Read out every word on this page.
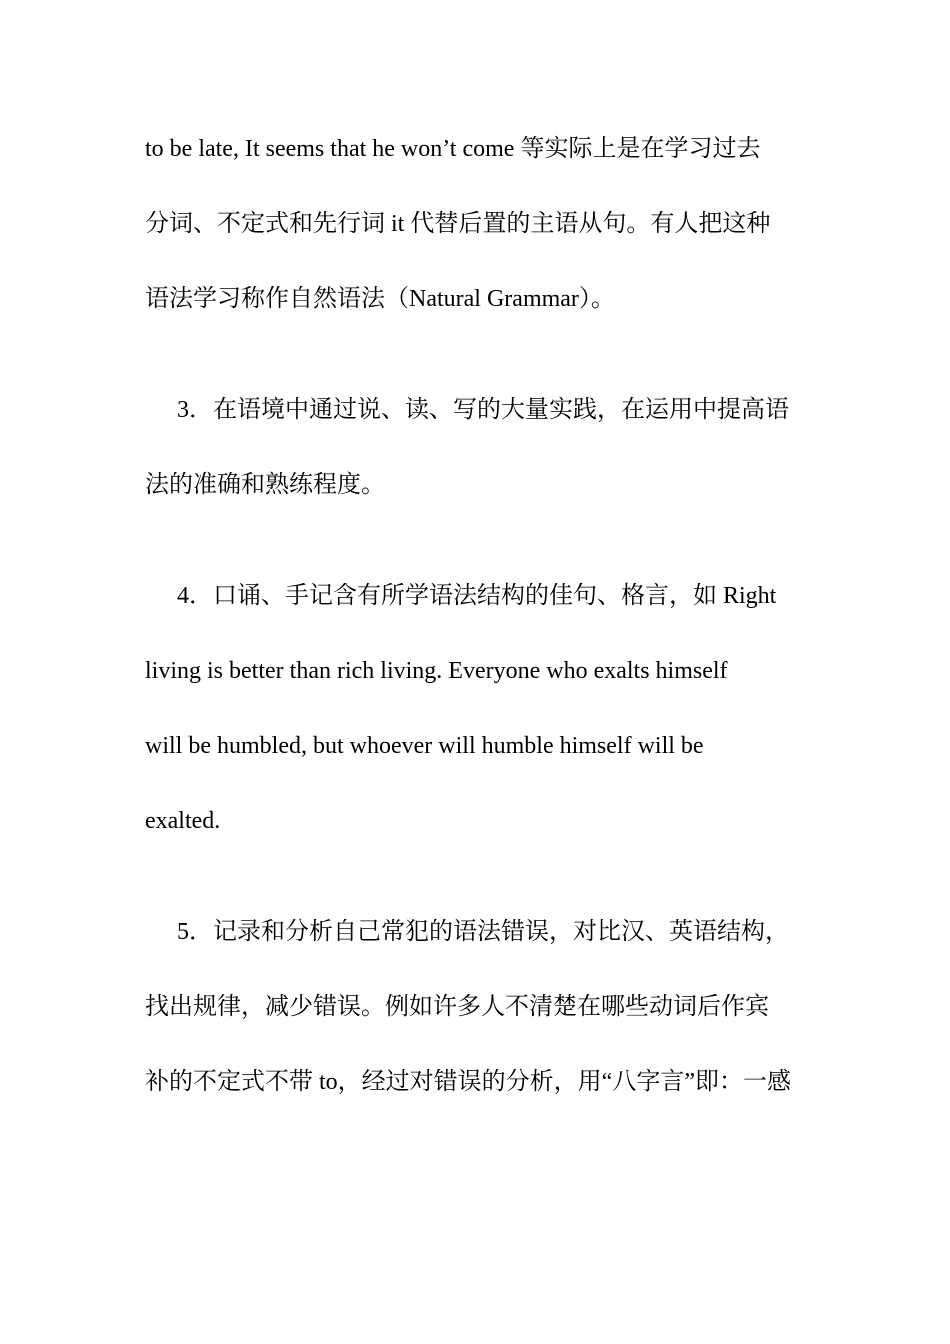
to be late, It seems that he won’t come 等实际上是在学习过去
分词、不定式和先行词 it 代替后置的主语从句。有人把这种
语法学习称作自然语法（Natural Grammar）。
3．在语境中通过说、读、写的大量实践，在运用中提高语
法的准确和熟练程度。
4．口诵、手记含有所学语法结构的佳句、格言，如 Right
living is better than rich living. Everyone who exalts himself
will be humbled, but whoever will humble himself will be
exalted.
5．记录和分析自己常犯的语法错误，对比汉、英语结构，
找出规律，减少错误。例如许多人不清楚在哪些动词后作宾
补的不定式不带 to，经过对错误的分析，用“八字言”即：一感
